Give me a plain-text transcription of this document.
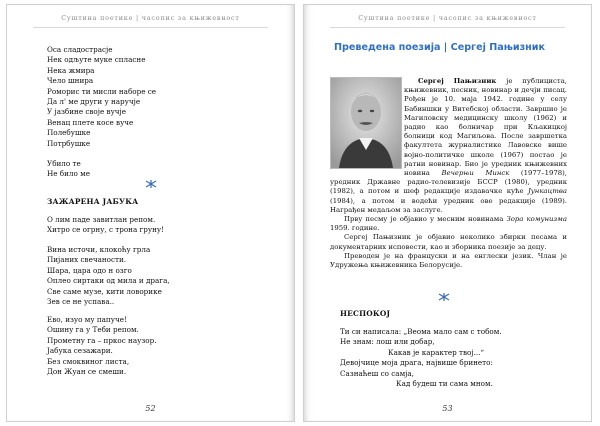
Суштина поетике | часопис за књижевност
Оса сладострасје
Нек одљуте муке спласне
Нека жмира
Чело шнира
Роморис ти мисли набоpe се
Да л' ме други у наручје
У јазбине своје вучје
Венац плете косе вуче
Полебушке
Потрбушке
Убило те
Не било ме
ЗАЖАРЕНА ЈАБУКА
О лим паде завитлан репом.
Хитро се огрну, с трона груну!
Вина источи, клокоћу грла
Пијаних свечаности.
Шара, цара одо н озго
Оплео сиртаки од мила и драга,
Све саме музе, кити ловорике
Зев се не успава..
Ево, изуо му папуче!
Ошину га у Теби репом.
Прометну га – пркос наузор.
Јабука сезажари.
Без смоквиног листа,
Дон Жуан се смеши.
52
Суштина поетике | часопис за књижевност
Преведена поезија | Сергеј Пањизник

Сергеј Пањизник је публициста, књижевник, песник, новинар и дечји писац. Рођен је 10. маја 1942. године у селу Бабиншки у Витебској области. Завршио је Мaгиловску медицинску школу (1962) и радио као болничар при Кљакицкој болници код Магиљова. После завршетка факултета журналистике Лавовске више војно-политичке школе (1967) постао је ратни новинар. Био је уредник књижевних новина Вечерњи Минск (1977–1978), уредник Државне радио-телевизије БССР (1980), уредник (1982), а потом и шеф редакције издавачке куће Јункацтва (1984), а потом и водећи уредник ове редакције (1989). Награђен медаљом за заслуге.

Прву песму је објавио у месним новинама Зора комунизма 1959. године.

Сергеј Пањизник је објавио неколико збирки песама и документарних исповести, као и зборника поезије за децу.

Преводен је на француски и на енглески језик. Члан је Удружења књижевника Белорусије.

НЕСПОКОЈ
Ти си написала: „Веома мало сам с тобом.
Не знам: лош или добар,
Какав је карактер твој...“
Девојчице моја драга, највише бринето:
Сазнаћеш со самја,
Кад будеш ти сама мном.
53
